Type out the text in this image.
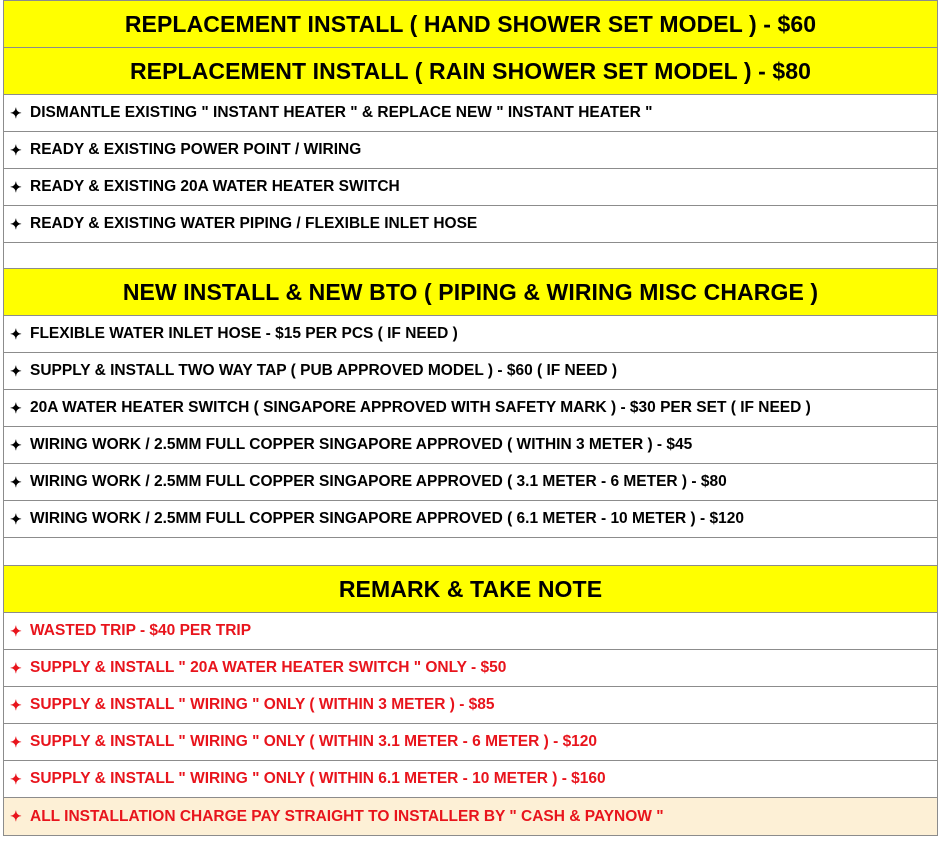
REPLACEMENT INSTALL ( HAND SHOWER SET MODEL ) - $60
REPLACEMENT INSTALL ( RAIN SHOWER SET MODEL ) - $80
✦ DISMANTLE EXISTING " INSTANT HEATER " & REPLACE NEW " INSTANT HEATER "
✦ READY & EXISTING POWER POINT / WIRING
✦ READY & EXISTING 20A WATER HEATER SWITCH
✦ READY & EXISTING WATER PIPING / FLEXIBLE INLET HOSE
NEW INSTALL & NEW BTO ( PIPING & WIRING MISC CHARGE )
✦ FLEXIBLE WATER INLET HOSE - $15 PER PCS ( IF NEED )
✦ SUPPLY & INSTALL TWO WAY TAP ( PUB APPROVED MODEL ) - $60 ( IF NEED )
✦ 20A WATER HEATER SWITCH ( SINGAPORE APPROVED WITH SAFETY MARK ) - $30 PER SET ( IF NEED )
✦ WIRING WORK / 2.5MM FULL COPPER SINGAPORE APPROVED ( WITHIN 3 METER ) - $45
✦ WIRING WORK / 2.5MM FULL COPPER SINGAPORE APPROVED ( 3.1 METER - 6 METER ) - $80
✦ WIRING WORK / 2.5MM FULL COPPER SINGAPORE APPROVED ( 6.1 METER - 10 METER ) - $120
REMARK & TAKE NOTE
✦ WASTED TRIP - $40 PER TRIP
✦ SUPPLY & INSTALL " 20A WATER HEATER SWITCH " ONLY - $50
✦ SUPPLY & INSTALL " WIRING " ONLY ( WITHIN 3 METER ) - $85
✦ SUPPLY & INSTALL " WIRING " ONLY ( WITHIN 3.1 METER - 6 METER ) - $120
✦ SUPPLY & INSTALL " WIRING " ONLY ( WITHIN 6.1 METER - 10 METER ) - $160
✦ ALL INSTALLATION CHARGE PAY STRAIGHT TO INSTALLER BY " CASH & PAYNOW "
